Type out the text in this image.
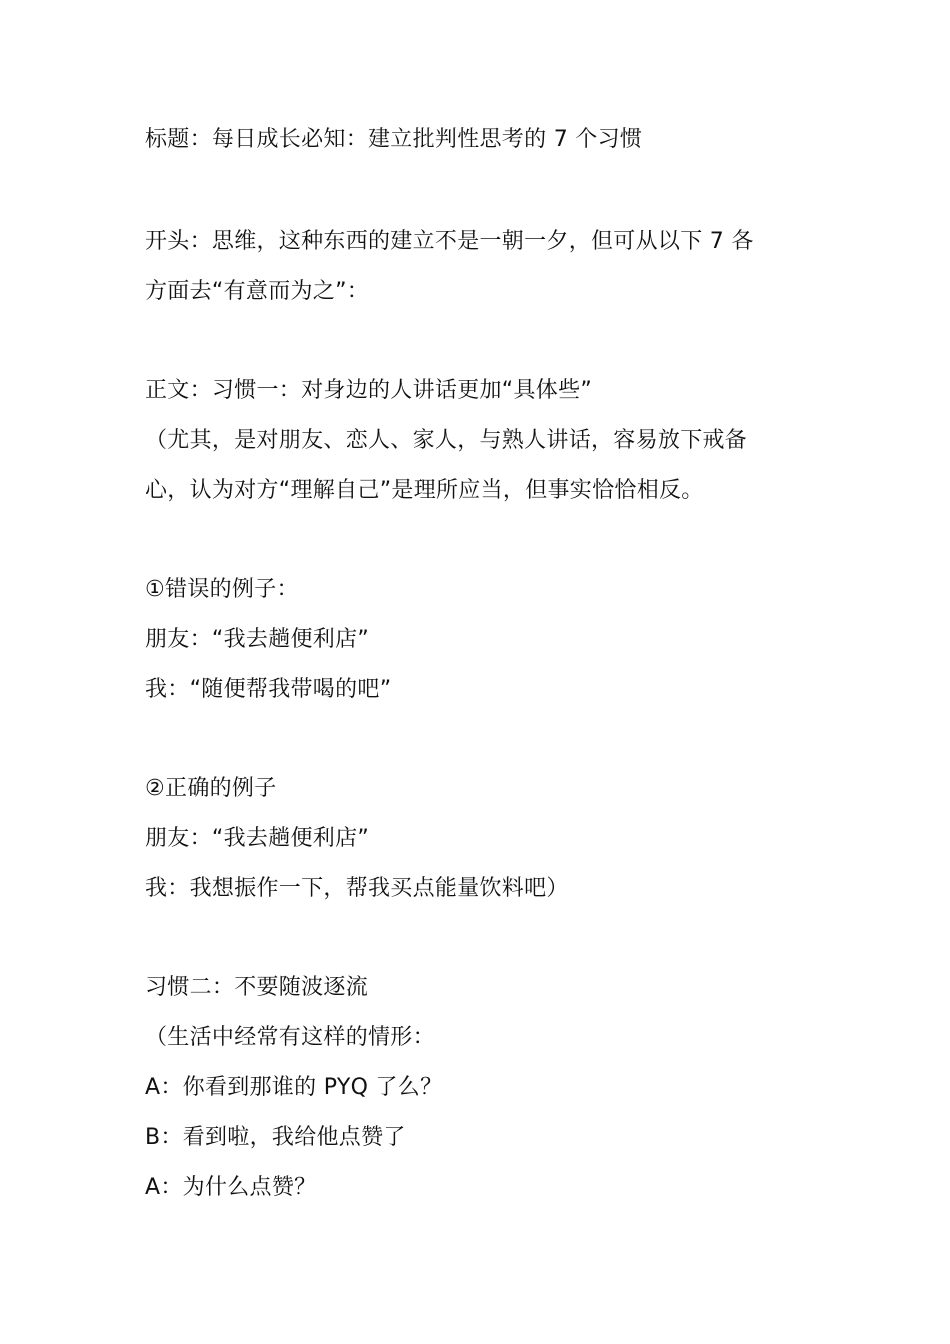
标题：每日成长必知：建立批判性思考的 7 个习惯
开头：思维，这种东西的建立不是一朝一夕，但可从以下 7 各
方面去“有意而为之”：
正文：习惯一：对身边的人讲话更加“具体些”
（尤其，是对朋友、恋人、家人，与熟人讲话，容易放下戒备
心，认为对方“理解自己”是理所应当，但事实恰恰相反。
①错误的例子：
朋友：“我去趟便利店”
我：“随便帮我带喝的吧”
②正确的例子
朋友：“我去趟便利店”
我：我想振作一下，帮我买点能量饮料吧）
习惯二：不要随波逐流
（生活中经常有这样的情形：
A：你看到那谁的 PYQ 了么？
B：看到啦，我给他点赞了
A：为什么点赞？
